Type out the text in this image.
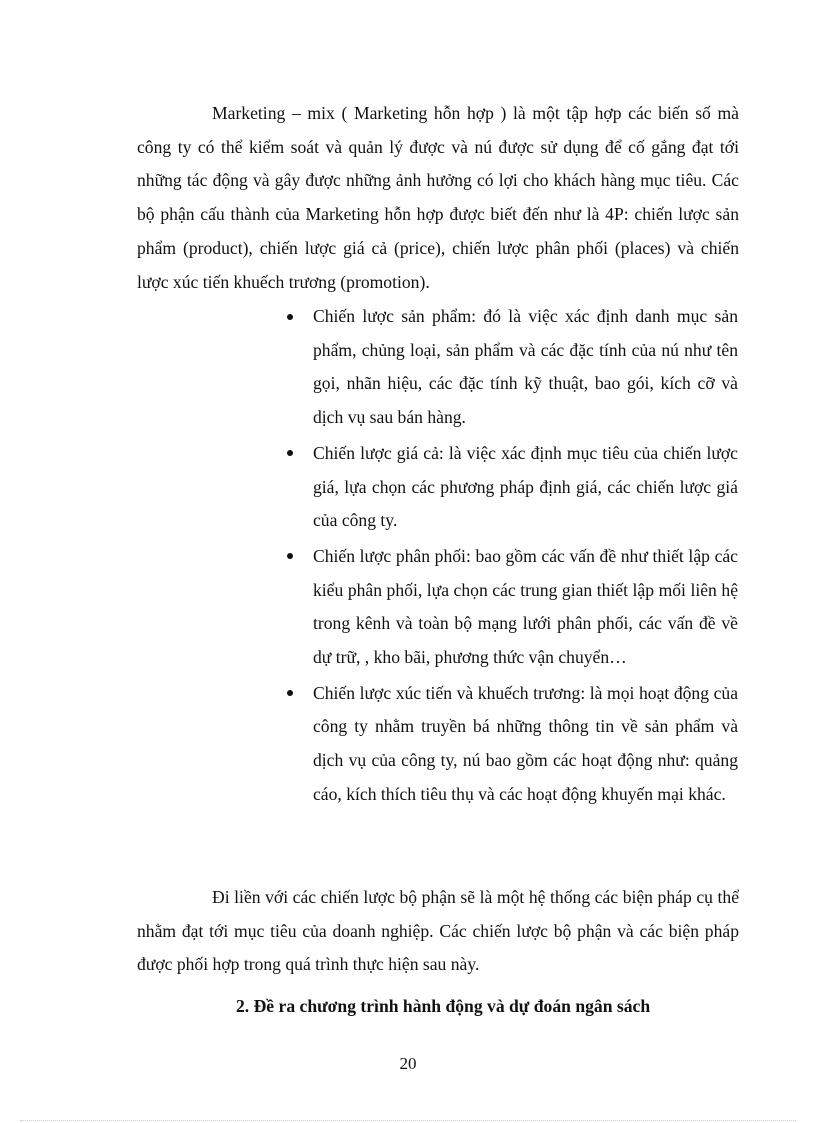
Marketing – mix ( Marketing hỗn hợp ) là một tập hợp các biến số mà công ty có thể kiểm soát và quản lý được và nú được sử dụng để cố gắng đạt tới những tác động và gây được những ảnh hưởng có lợi cho khách hàng mục tiêu. Các bộ phận cấu thành của Marketing hỗn hợp được biết đến như là 4P: chiến lược sản phẩm (product), chiến lược giá cả (price), chiến lược phân phối (places) và chiến lược xúc tiến khuếch trương (promotion).

Chiến lược sản phẩm: đó là việc xác định danh mục sản phẩm, chủng loại, sản phẩm và các đặc tính của nú như tên gọi, nhãn hiệu, các đặc tính kỹ thuật, bao gói, kích cỡ và dịch vụ sau bán hàng.
Chiến lược giá cả: là việc xác định mục tiêu của chiến lược giá, lựa chọn các phương pháp định giá, các chiến lược giá của công ty.
Chiến lược phân phối: bao gồm các vấn đề như thiết lập các kiểu phân phối, lựa chọn các trung gian thiết lập mối liên hệ trong kênh và toàn bộ mạng lưới phân phối, các vấn đề về dự trữ, , kho bãi, phương thức vận chuyển…
Chiến lược xúc tiến và khuếch trương: là mọi hoạt động của công ty nhằm truyền bá những thông tin về sản phẩm và dịch vụ của công ty, nú bao gồm các hoạt động như: quảng cáo, kích thích tiêu thụ và các hoạt động khuyến mại khác.

Đi liền với các chiến lược bộ phận sẽ là một hệ thống các biện pháp cụ thể nhằm đạt tới mục tiêu của doanh nghiệp. Các chiến lược bộ phận và các biện pháp được phối hợp trong quá trình thực hiện sau này.

2. Đề ra chương trình hành động và dự đoán ngân sách
20
